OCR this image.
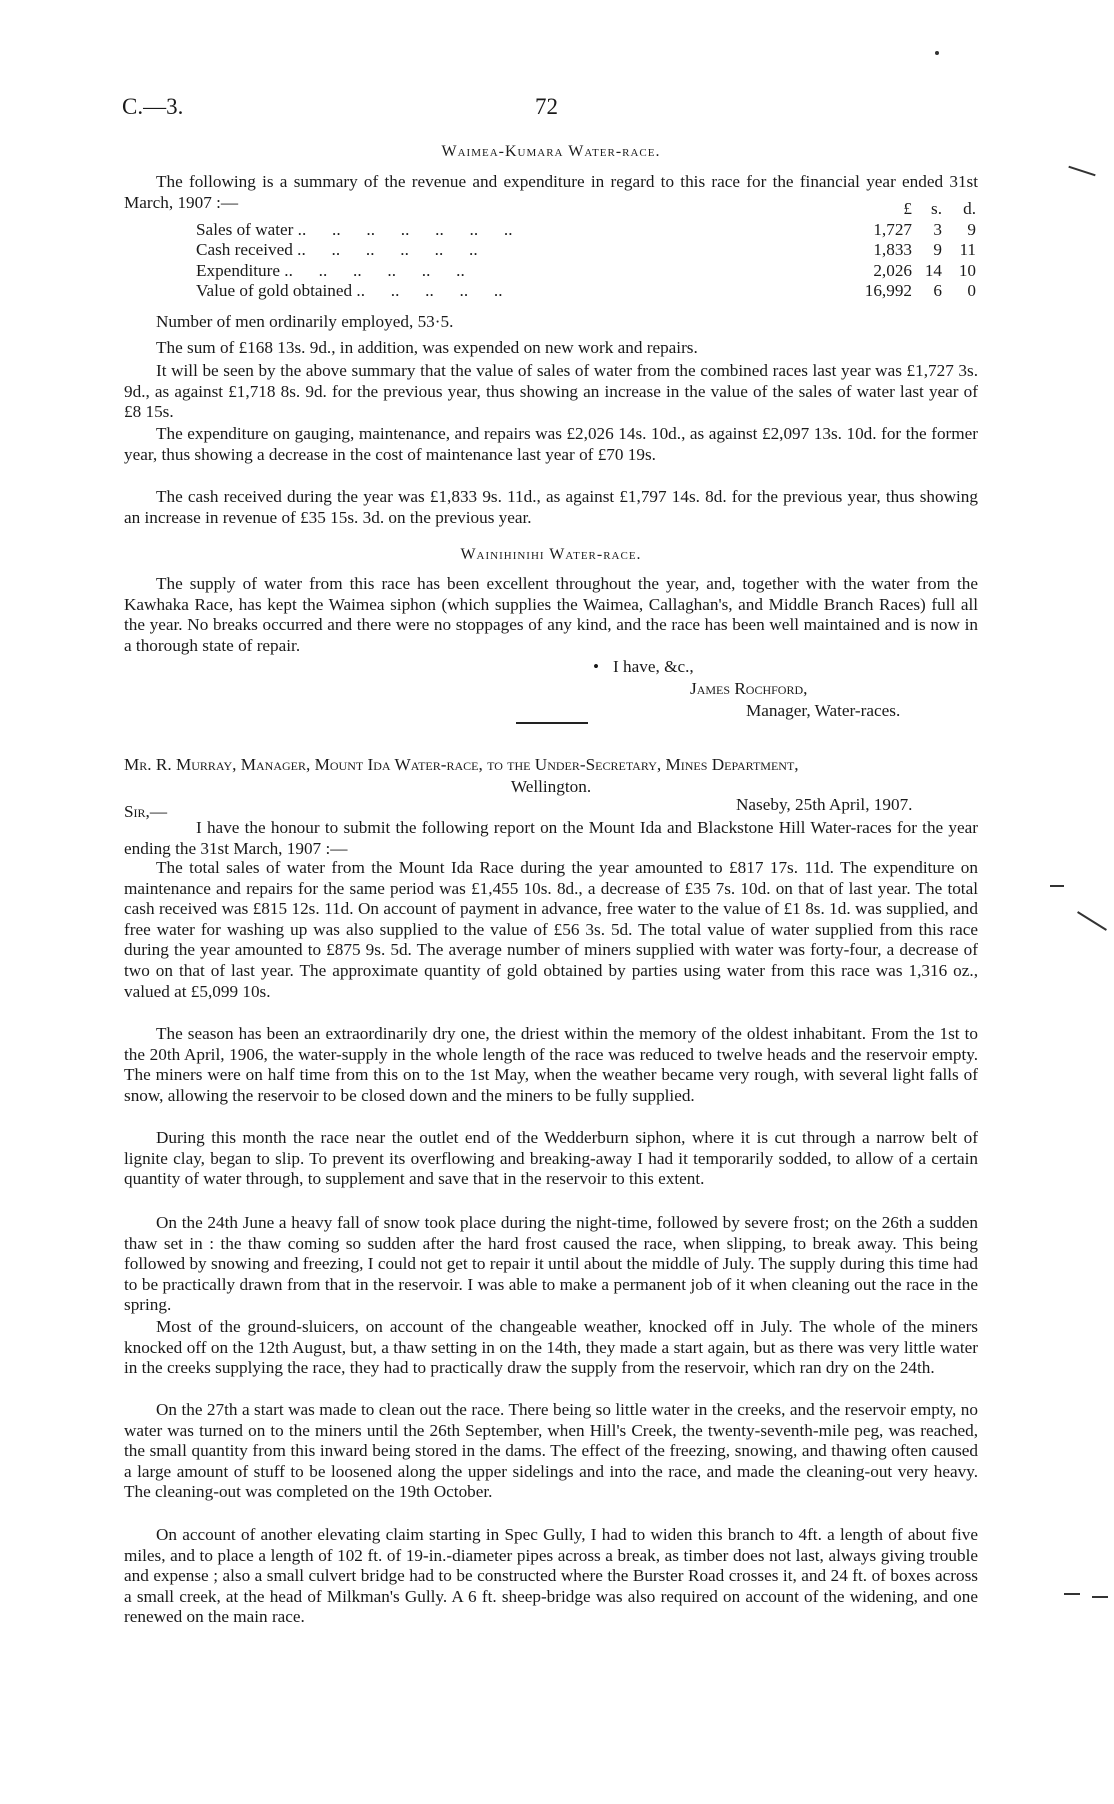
C.—3.	72
Waimea-Kumara Water-race.

The following is a summary of the revenue and expenditure in regard to this race for the financial year ended 31st March, 1907 :—	£	s.	d.
Sales of water ..      ..      ..      ..      ..      ..      ..	1,727	3	9
Cash received ..      ..      ..      ..      ..      ..	1,833	9	11
Expenditure ..      ..      ..      ..      ..      ..	2,026 14 10
Value of gold obtained ..      ..      ..      ..      ..	16,992	6	0

Number of men ordinarily employed, 53·5.

The sum of £168 13s. 9d., in addition, was expended on new work and repairs.

It will be seen by the above summary that the value of sales of water from the combined races last year was £1,727 3s. 9d., as against £1,718 8s. 9d. for the previous year, thus showing an increase in the value of the sales of water last year of £8 15s.

The expenditure on gauging, maintenance, and repairs was £2,026 14s. 10d., as against £2,097 13s. 10d. for the former year, thus showing a decrease in the cost of maintenance last year of £70 19s.

The cash received during the year was £1,833 9s. 11d., as against £1,797 14s. 8d. for the previous year, thus showing an increase in revenue of £35 15s. 3d. on the previous year.

Wainihinihi Water-race.

The supply of water from this race has been excellent throughout the year, and, together with the water from the Kawhaka Race, has kept the Waimea siphon (which supplies the Waimea, Callaghan's, and Middle Branch Races) full all the year. No breaks occurred and there were no stoppages of any kind, and the race has been well maintained and is now in a thorough state of repair.

• I have, &c.,
James Rochford,
Manager, Water-races.
Mr. R. Murray, Manager, Mount Ida Water-race, to the Under-Secretary, Mines Department,
Wellington.
Sir,—	Naseby, 25th April, 1907.

I have the honour to submit the following report on the Mount Ida and Blackstone Hill Water-races for the year ending the 31st March, 1907 :—

The total sales of water from the Mount Ida Race during the year amounted to £817 17s. 11d. The expenditure on maintenance and repairs for the same period was £1,455 10s. 8d., a decrease of £35 7s. 10d. on that of last year. The total cash received was £815 12s. 11d. On account of payment in advance, free water to the value of £1 8s. 1d. was supplied, and free water for washing up was also supplied to the value of £56 3s. 5d. The total value of water supplied from this race during the year amounted to £875 9s. 5d. The average number of miners supplied with water was forty-four, a decrease of two on that of last year. The approximate quantity of gold obtained by parties using water from this race was 1,316 oz., valued at £5,099 10s.

The season has been an extraordinarily dry one, the driest within the memory of the oldest inhabitant. From the 1st to the 20th April, 1906, the water-supply in the whole length of the race was reduced to twelve heads and the reservoir empty. The miners were on half time from this on to the 1st May, when the weather became very rough, with several light falls of snow, allowing the reservoir to be closed down and the miners to be fully supplied.

During this month the race near the outlet end of the Wedderburn siphon, where it is cut through a narrow belt of lignite clay, began to slip. To prevent its overflowing and breaking-away I had it temporarily sodded, to allow of a certain quantity of water through, to supplement and save that in the reservoir to this extent.

On the 24th June a heavy fall of snow took place during the night-time, followed by severe frost; on the 26th a sudden thaw set in : the thaw coming so sudden after the hard frost caused the race, when slipping, to break away. This being followed by snowing and freezing, I could not get to repair it until about the middle of July. The supply during this time had to be practically drawn from that in the reservoir. I was able to make a permanent job of it when cleaning out the race in the spring.

Most of the ground-sluicers, on account of the changeable weather, knocked off in July. The whole of the miners knocked off on the 12th August, but, a thaw setting in on the 14th, they made a start again, but as there was very little water in the creeks supplying the race, they had to practically draw the supply from the reservoir, which ran dry on the 24th.

On the 27th a start was made to clean out the race. There being so little water in the creeks, and the reservoir empty, no water was turned on to the miners until the 26th September, when Hill's Creek, the twenty-seventh-mile peg, was reached, the small quantity from this inward being stored in the dams. The effect of the freezing, snowing, and thawing often caused a large amount of stuff to be loosened along the upper sidelings and into the race, and made the cleaning-out very heavy. The cleaning-out was completed on the 19th October.

On account of another elevating claim starting in Spec Gully, I had to widen this branch to 4ft. a length of about five miles, and to place a length of 102 ft. of 19-in.-diameter pipes across a break, as timber does not last, always giving trouble and expense ; also a small culvert bridge had to be constructed where the Burster Road crosses it, and 24 ft. of boxes across a small creek, at the head of Milkman's Gully. A 6 ft. sheep-bridge was also required on account of the widening, and one renewed on the main race.
